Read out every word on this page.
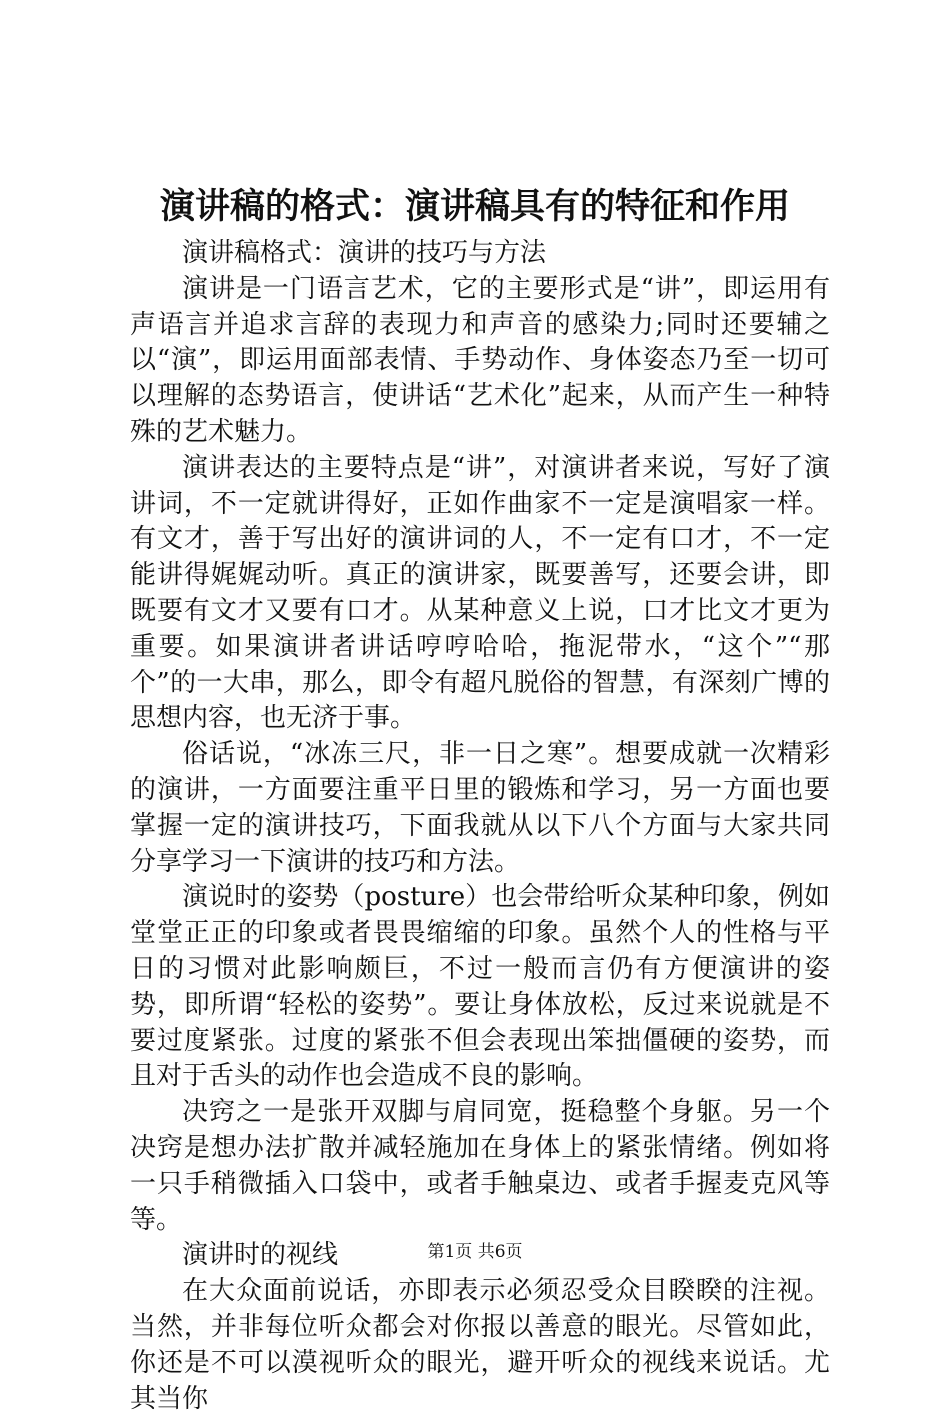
演讲稿的格式：演讲稿具有的特征和作用

演讲稿格式：演讲的技巧与方法

演讲是一门语言艺术，它的主要形式是“讲”，即运用有声语言并追求言辞的表现力和声音的感染力;同时还要辅之以“演”，即运用面部表情、手势动作、身体姿态乃至一切可以理解的态势语言，使讲话“艺术化”起来，从而产生一种特殊的艺术魅力。

演讲表达的主要特点是“讲”，对演讲者来说，写好了演讲词，不一定就讲得好，正如作曲家不一定是演唱家一样。有文才，善于写出好的演讲词的人，不一定有口才，不一定能讲得娓娓动听。真正的演讲家，既要善写，还要会讲，即既要有文才又要有口才。从某种意义上说，口才比文才更为重要。如果演讲者讲话哼哼哈哈，拖泥带水，“这个”“那个”的一大串，那么，即令有超凡脱俗的智慧，有深刻广博的思想内容，也无济于事。

俗话说，“冰冻三尺，非一日之寒”。想要成就一次精彩的演讲，一方面要注重平日里的锻炼和学习，另一方面也要掌握一定的演讲技巧，下面我就从以下八个方面与大家共同分享学习一下演讲的技巧和方法。

演说时的姿势（posture）也会带给听众某种印象，例如堂堂正正的印象或者畏畏缩缩的印象。虽然个人的性格与平日的习惯对此影响颇巨，不过一般而言仍有方便演讲的姿势，即所谓“轻松的姿势”。要让身体放松，反过来说就是不要过度紧张。过度的紧张不但会表现出笨拙僵硬的姿势，而且对于舌头的动作也会造成不良的影响。

决窍之一是张开双脚与肩同宽，挺稳整个身躯。另一个决窍是想办法扩散并减轻施加在身体上的紧张情绪。例如将一只手稍微插入口袋中，或者手触桌边、或者手握麦克风等等。

演讲时的视线

在大众面前说话，亦即表示必须忍受众目睽睽的注视。当然，并非每位听众都会对你报以善意的眼光。尽管如此，你还是不可以漠视听众的眼光，避开听众的视线来说话。尤其当你

第1页 共6页
